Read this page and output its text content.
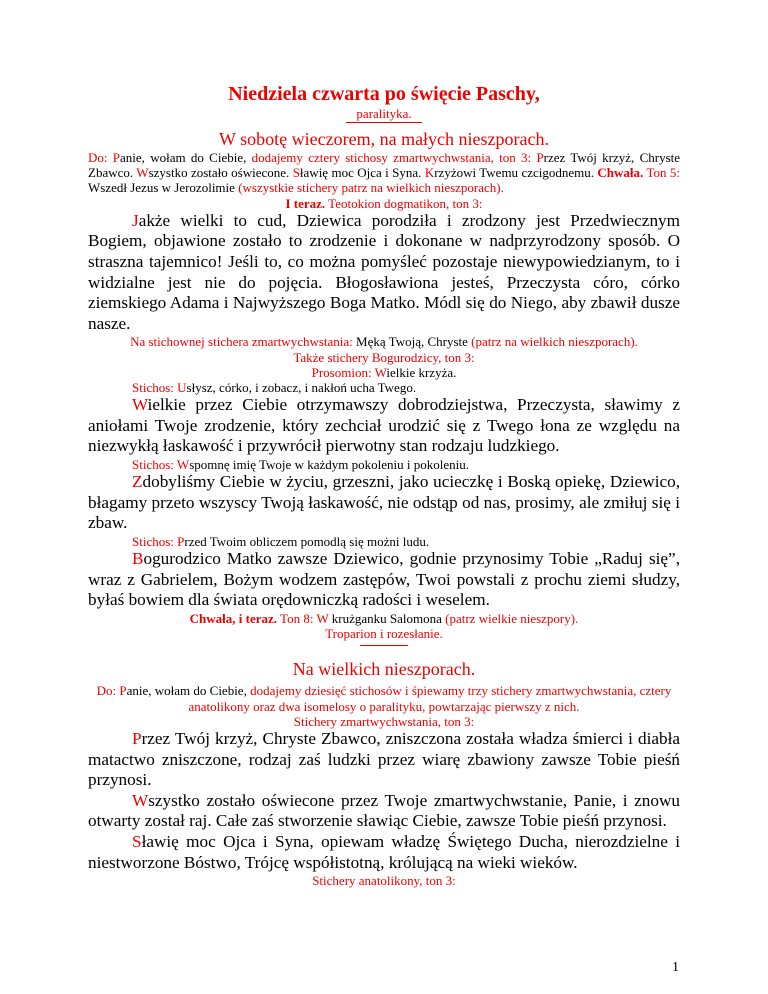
Niedziela czwarta po święcie Paschy,

paralityka.

W sobotę wieczorem, na małych nieszporach.

Do: Panie, wołam do Ciebie, dodajemy cztery stichosy zmartwychwstania, ton 3: Przez Twój krzyż, Chryste Zbawco. Wszystko zostało oświecone. Sławię moc Ojca i Syna. Krzyżowi Twemu czcigodnemu. Chwała. Ton 5: Wszedł Jezus w Jerozolimie (wszystkie stichery patrz na wielkich nieszporach).

I teraz. Teotokion dogmatikon, ton 3:

Jakże wielki to cud, Dziewica porodziła i zrodzony jest Przedwiecznym Bogiem, objawione zostało to zrodzenie i dokonane w nadprzyrodzony sposób. O straszna tajemnico! Jeśli to, co można pomyśleć pozostaje niewypowiedzianym, to i widzialne jest nie do pojęcia. Błogosławiona jesteś, Przeczysta córo, córko ziemskiego Adama i Najwyższego Boga Matko. Módl się do Niego, aby zbawił dusze nasze.

Na stichownej stichera zmartwychwstania: Męką Twoją, Chryste (patrz na wielkich nieszporach).

Także stichery Bogurodzicy, ton 3:

Prosomion: Wielkie krzyża.

Stichos: Usłysz, córko, i zobacz, i nakłoń ucha Twego.

Wielkie przez Ciebie otrzymawszy dobrodziejstwa, Przeczysta, sławimy z aniołami Twoje zrodzenie, który zechciał urodzić się z Twego łona ze względu na niezwykłą łaskawość i przywrócił pierwotny stan rodzaju ludzkiego.

Stichos: Wspomnę imię Twoje w każdym pokoleniu i pokoleniu.

Zdobyliśmy Ciebie w życiu, grzeszni, jako ucieczkę i Boską opiekę, Dziewico, błagamy przeto wszyscy Twoją łaskawość, nie odstąp od nas, prosimy, ale zmiłuj się i zbaw.

Stichos: Przed Twoim obliczem pomodlą się możni ludu.

Bogurodzico Matko zawsze Dziewico, godnie przynosimy Tobie „Raduj się”, wraz z Gabrielem, Bożym wodzem zastępów, Twoi powstali z prochu ziemi słudzy, byłaś bowiem dla świata orędowniczką radości i weselem.

Chwała, i teraz. Ton 8: W krużganku Salomona (patrz wielkie nieszpory).

Troparion i rozesłanie.

Na wielkich nieszporach.

Do: Panie, wołam do Ciebie, dodajemy dziesięć stichosów i śpiewamy trzy stichery zmartwychwstania, cztery anatolikony oraz dwa isomelosy o paralityku, powtarzając pierwszy z nich.

Stichery zmartwychwstania, ton 3:

Przez Twój krzyż, Chryste Zbawco, zniszczona została władza śmierci i diabła matactwo zniszczone, rodzaj zaś ludzki przez wiarę zbawiony zawsze Tobie pieśń przynosi.

Wszystko zostało oświecone przez Twoje zmartwychwstanie, Panie, i znowu otwarty został raj. Całe zaś stworzenie sławiąc Ciebie, zawsze Tobie pieśń przynosi.

Sławię moc Ojca i Syna, opiewam władzę Świętego Ducha, nierozdzielne i niestworzone Bóstwo, Trójcę współistotną, królującą na wieki wieków.

Stichery anatolikony, ton 3:

1
